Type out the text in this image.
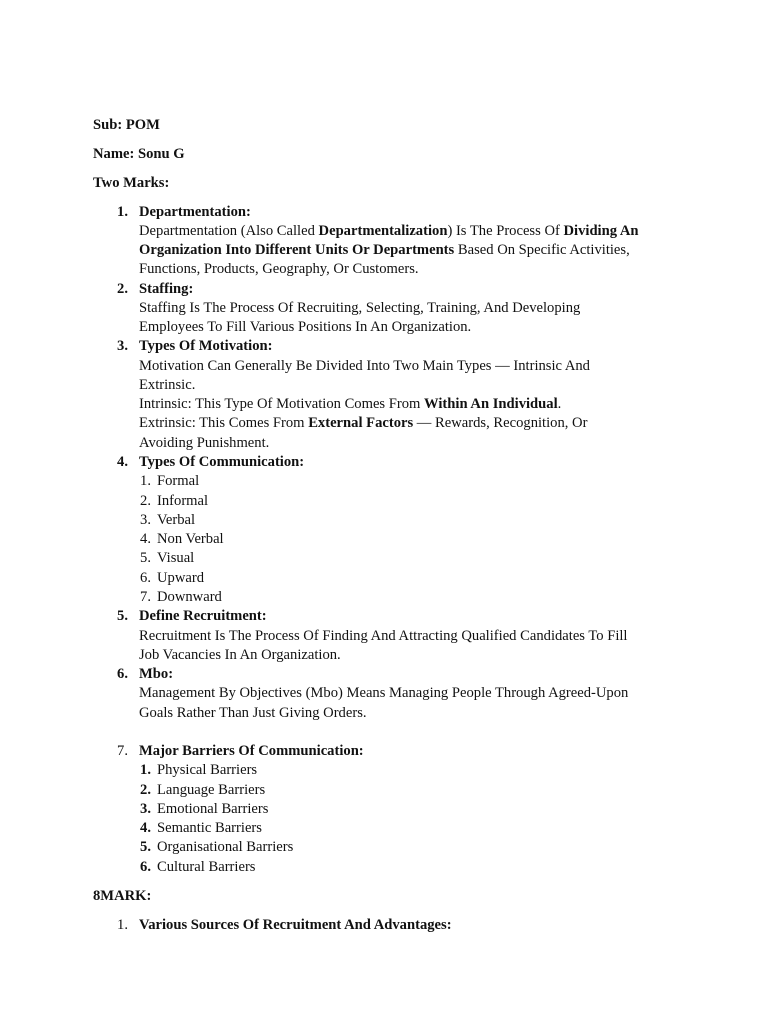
Sub: POM
Name: Sonu G
Two Marks:
1. Departmentation:
Departmentation (Also Called Departmentalization) Is The Process Of Dividing An
Organization Into Different Units Or Departments Based On Specific Activities,
Functions, Products, Geography, Or Customers.
2. Staffing:
Staffing Is The Process Of Recruiting, Selecting, Training, And Developing
Employees To Fill Various Positions In An Organization.
3. Types Of Motivation:
Motivation Can Generally Be Divided Into Two Main Types — Intrinsic And
Extrinsic.
Intrinsic: This Type Of Motivation Comes From Within An Individual.
Extrinsic: This Comes From External Factors — Rewards, Recognition, Or
Avoiding Punishment.
4. Types Of Communication:
1. Formal
2. Informal
3. Verbal
4. Non Verbal
5. Visual
6. Upward
7. Downward
5. Define Recruitment:
Recruitment Is The Process Of Finding And Attracting Qualified Candidates To Fill
Job Vacancies In An Organization.
6. Mbo:
Management By Objectives (Mbo) Means Managing People Through Agreed-Upon
Goals Rather Than Just Giving Orders.
7. Major Barriers Of Communication:
1. Physical Barriers
2. Language Barriers
3. Emotional Barriers
4. Semantic Barriers
5. Organisational Barriers
6. Cultural Barriers
8MARK:
1. Various Sources Of Recruitment And Advantages:
